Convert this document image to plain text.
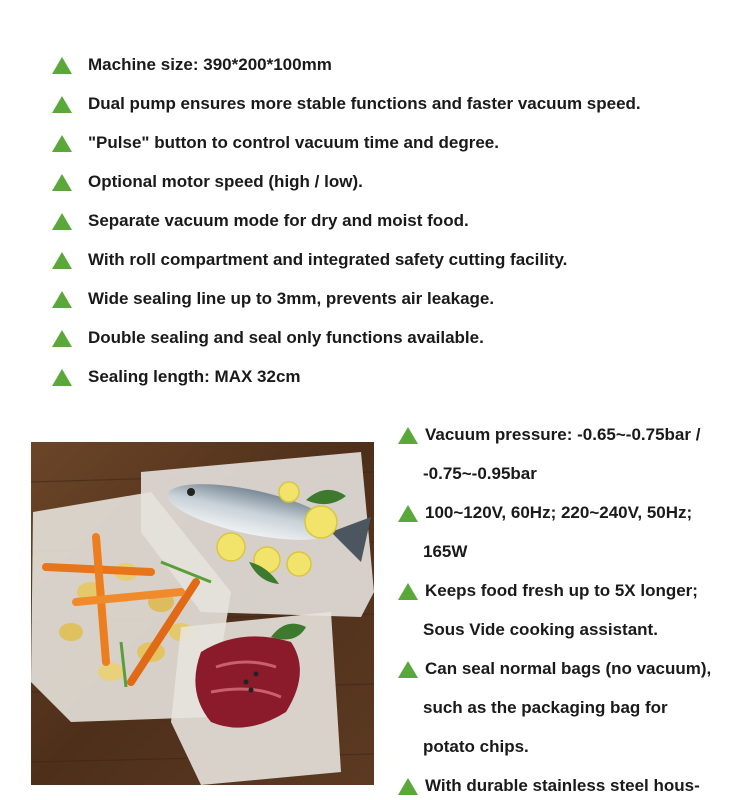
Machine size: 390*200*100mm
Dual pump ensures more stable functions and faster vacuum speed.
"Pulse" button to control vacuum time and degree.
Optional motor speed (high / low).
Separate vacuum mode for dry and moist food.
With roll compartment and integrated safety cutting facility.
Wide sealing line up to 3mm, prevents air leakage.
Double sealing and seal only functions available.
Sealing length: MAX 32cm
Vacuum pressure: -0.65~-0.75bar /
-0.75~-0.95bar
100~120V, 60Hz; 220~240V, 50Hz;
165W
Keeps food fresh up to 5X longer;
Sous Vide cooking assistant.
Can seal normal bags (no vacuum),
such as the packaging bag for
potato chips.
With durable stainless steel hous-
